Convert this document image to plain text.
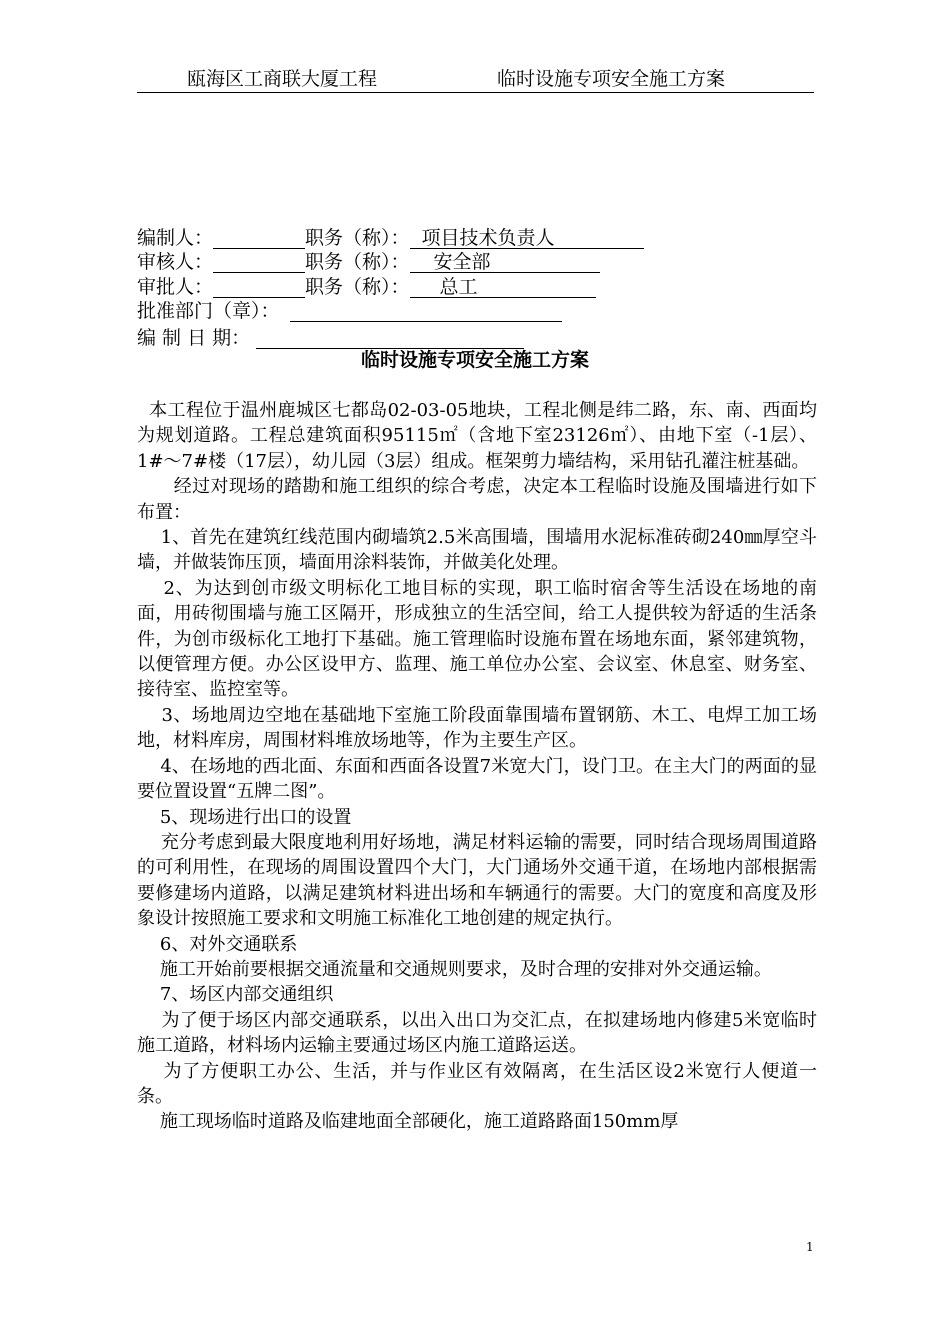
瓯海区工商联大厦工程	临时设施专项安全施工方案
编制人：	职务（称）： 项目技术负责人
审核人：	职务（称）： 安全部
审批人：	职务（称）： 总工
批准部门（章）：
编 制 日 期：
临时设施专项安全施工方案

本工程位于温州鹿城区七都岛02-03-05地块，工程北侧是纬二路，东、南、西面均为规划道路。工程总建筑面积95115㎡（含地下室23126㎡）、由地下室（-1层）、1#～7#楼（17层），幼儿园（3层）组成。框架剪力墙结构，采用钻孔灌注桩基础。

经过对现场的踏勘和施工组织的综合考虑，决定本工程临时设施及围墙进行如下布置：

1、首先在建筑红线范围内砌墙筑2.5米高围墙，围墙用水泥标准砖砌240㎜厚空斗墙，并做装饰压顶，墙面用涂料装饰，并做美化处理。

2、为达到创市级文明标化工地目标的实现，职工临时宿舍等生活设在场地的南面，用砖彻围墙与施工区隔开，形成独立的生活空间，给工人提供较为舒适的生活条件，为创市级标化工地打下基础。施工管理临时设施布置在场地东面，紧邻建筑物，以便管理方便。办公区设甲方、监理、施工单位办公室、会议室、休息室、财务室、接待室、监控室等。

3、场地周边空地在基础地下室施工阶段面靠围墙布置钢筋、木工、电焊工加工场地，材料库房，周围材料堆放场地等，作为主要生产区。

4、在场地的西北面、东面和西面各设置7米宽大门，设门卫。在主大门的两面的显要位置设置“五牌二图”。

5、现场进行出口的设置

充分考虑到最大限度地利用好场地，满足材料运输的需要，同时结合现场周围道路的可利用性，在现场的周围设置四个大门，大门通场外交通干道，在场地内部根据需要修建场内道路，以满足建筑材料进出场和车辆通行的需要。大门的宽度和高度及形象设计按照施工要求和文明施工标准化工地创建的规定执行。

6、对外交通联系

施工开始前要根据交通流量和交通规则要求，及时合理的安排对外交通运输。

7、场区内部交通组织

为了便于场区内部交通联系，以出入出口为交汇点，在拟建场地内修建5米宽临时施工道路，材料场内运输主要通过场区内施工道路运送。

为了方便职工办公、生活，并与作业区有效隔离，在生活区设2米宽行人便道一条。

施工现场临时道路及临建地面全部硬化，施工道路路面150mm厚

1
